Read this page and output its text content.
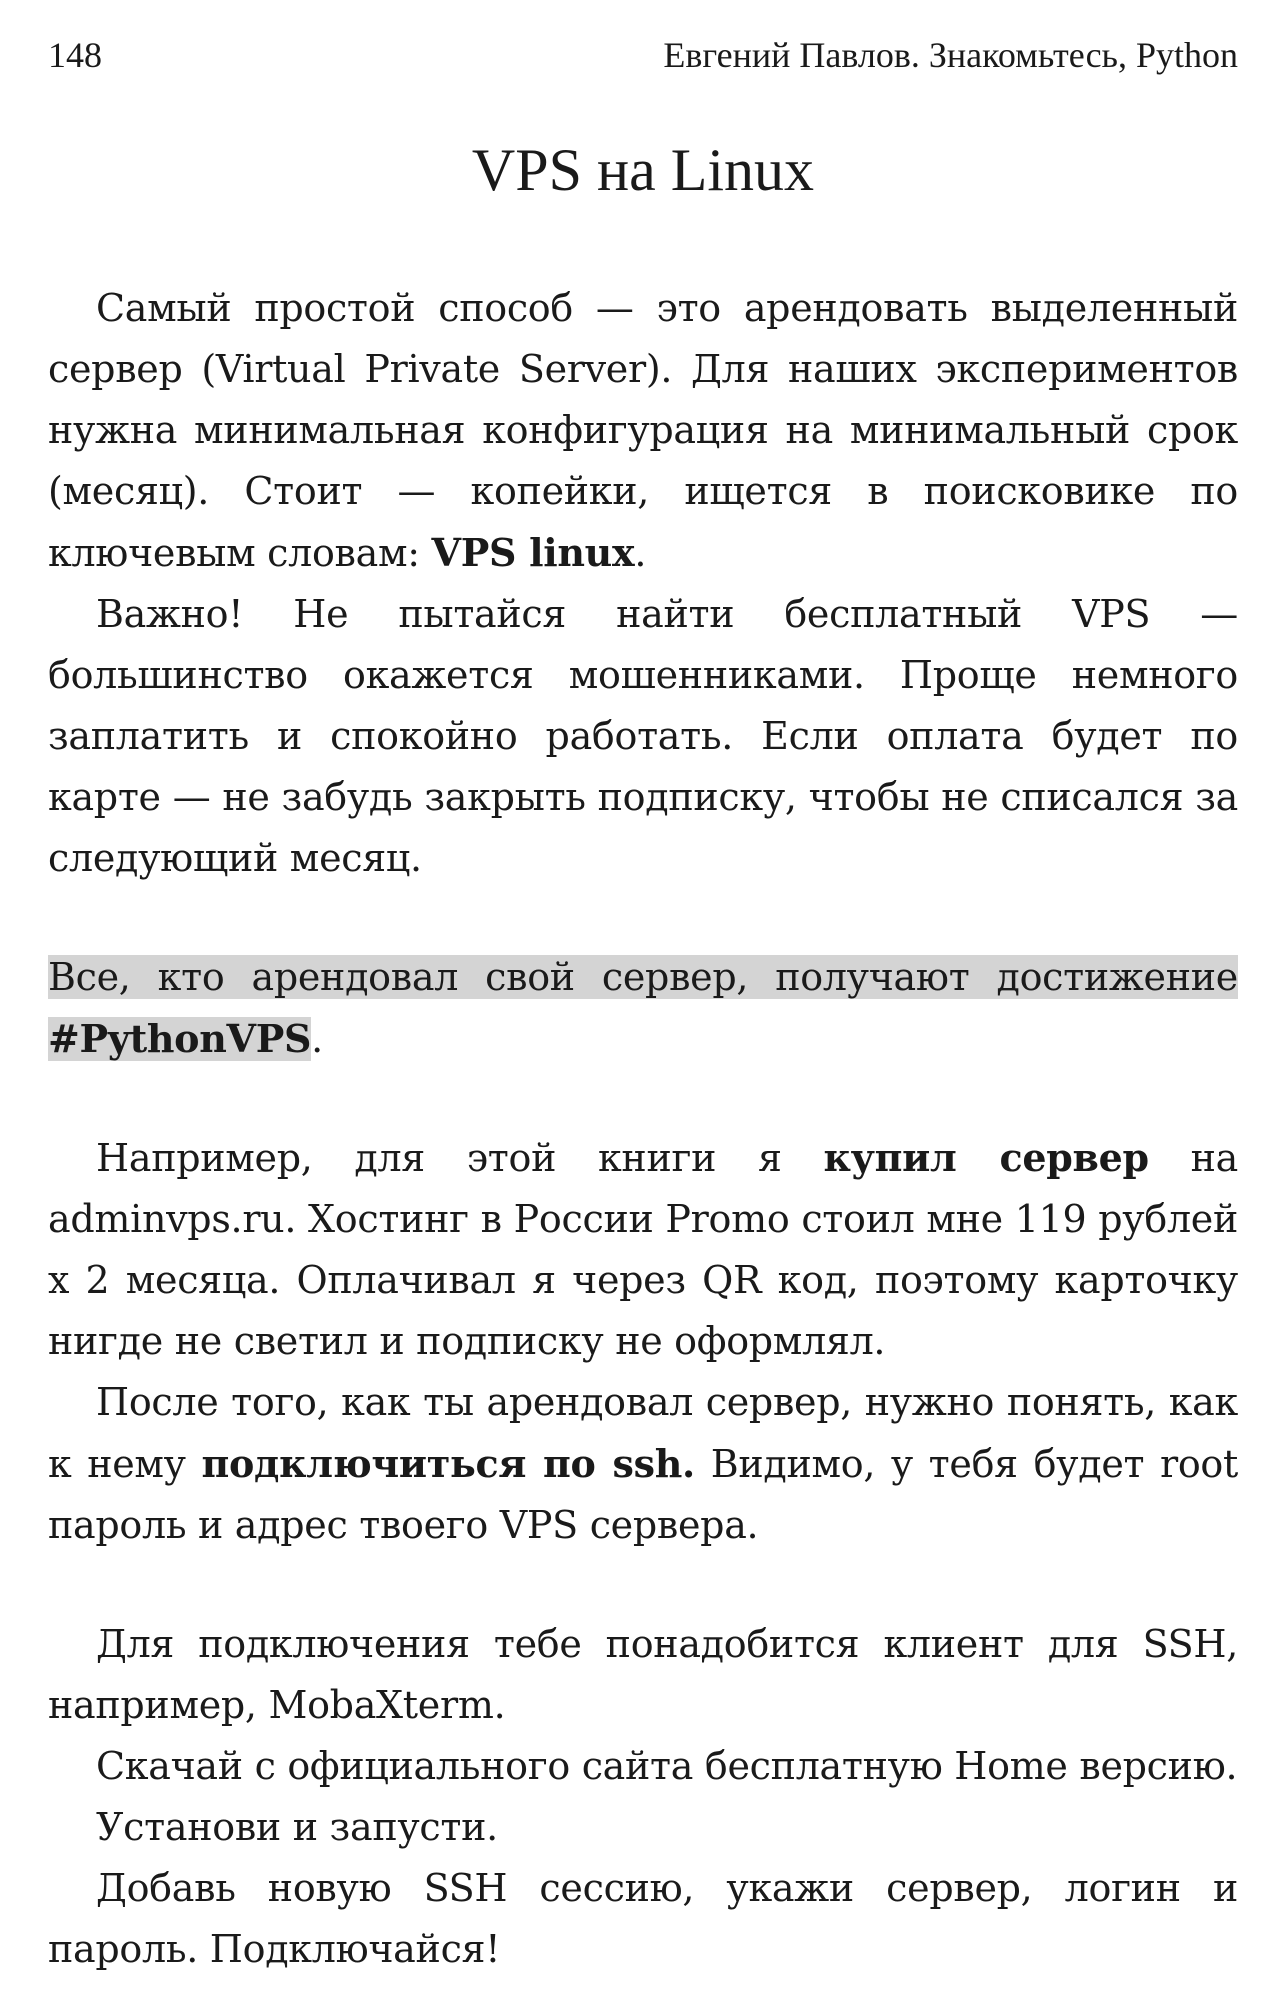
148	Евгений Павлов. Знакомьтесь, Python
VPS на Linux

Самый простой способ — это арендовать выделенный сервер (Virtual Private Server). Для наших экспериментов нужна минимальная конфигурация на минимальный срок (месяц). Стоит — копейки, ищется в поисковике по ключевым словам: VPS linux.

Важно! Не пытайся найти бесплатный VPS — большинство окажется мошенниками. Проще немного заплатить и спокойно работать. Если оплата будет по карте — не забудь закрыть подписку, чтобы не списался за следующий месяц.

Все, кто арендовал свой сервер, получают достижение #PythonVPS.

Например, для этой книги я купил сервер на adminvps.ru. Хостинг в России Promo стоил мне 119 рублей х 2 месяца. Оплачивал я через QR код, поэтому карточку нигде не светил и подписку не оформлял.

После того, как ты арендовал сервер, нужно понять, как к нему подключиться по ssh. Видимо, у тебя будет root пароль и адрес твоего VPS сервера.

Для подключения тебе понадобится клиент для SSH, например, MobaXterm.

Скачай с официального сайта бесплатную Home версию.

Установи и запусти.

Добавь новую SSH сессию, укажи сервер, логин и пароль. Подключайся!
